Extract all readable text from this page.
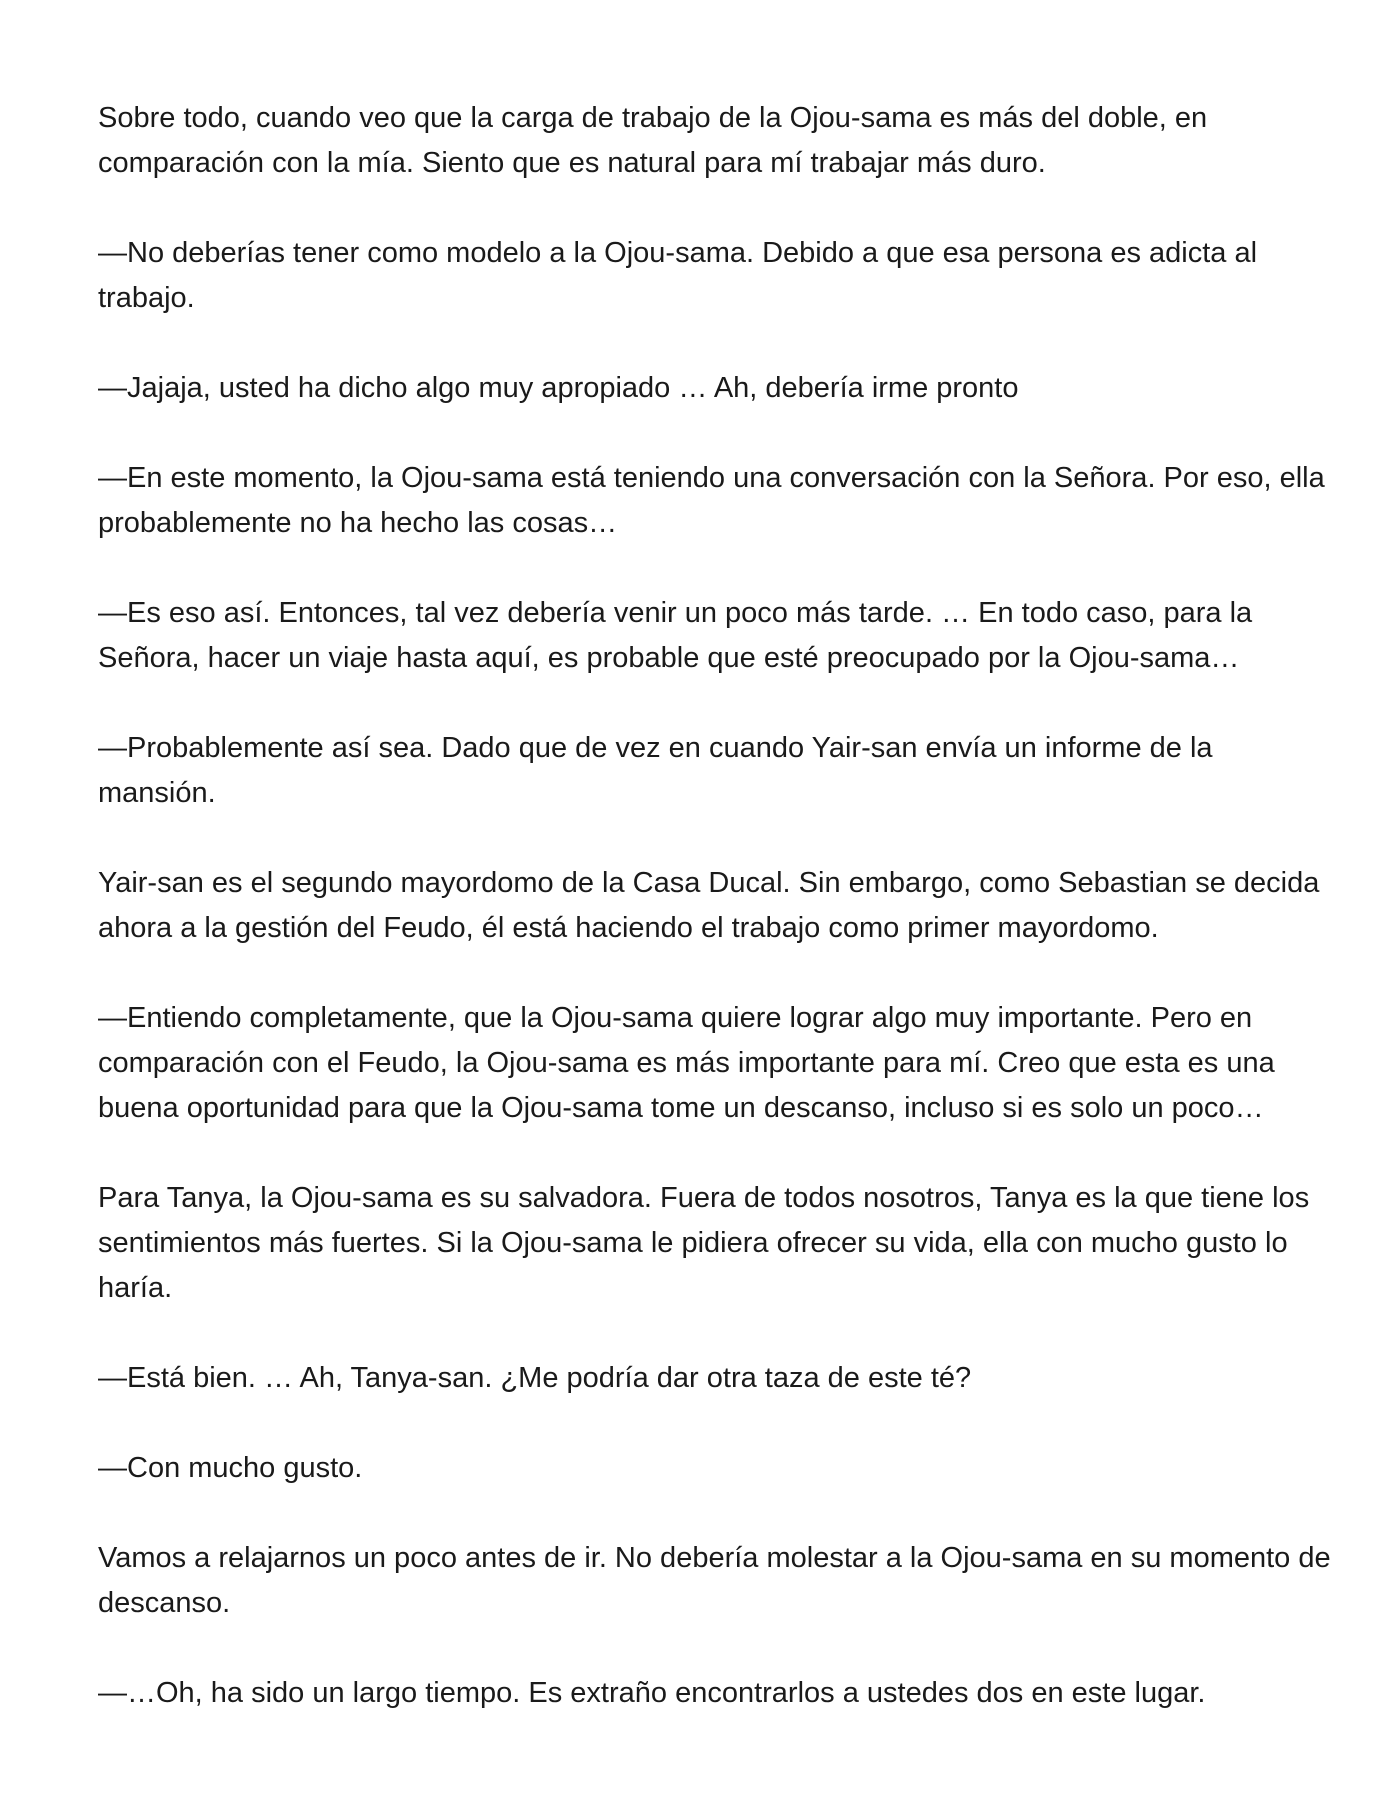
Sobre todo, cuando veo que la carga de trabajo de la Ojou-sama es más del doble, en comparación con la mía. Siento que es natural para mí trabajar más duro.

—No deberías tener como modelo a la Ojou-sama. Debido a que esa persona es adicta al trabajo.

—Jajaja, usted ha dicho algo muy apropiado … Ah, debería irme pronto

—En este momento, la Ojou-sama está teniendo una conversación con la Señora. Por eso, ella probablemente no ha hecho las cosas…

—Es eso así. Entonces, tal vez debería venir un poco más tarde. … En todo caso, para la Señora, hacer un viaje hasta aquí, es probable que esté preocupado por la Ojou-sama…

—Probablemente así sea. Dado que de vez en cuando Yair-san envía un informe de la mansión.

Yair-san es el segundo mayordomo de la Casa Ducal. Sin embargo, como Sebastian se decida ahora a la gestión del Feudo, él está haciendo el trabajo como primer mayordomo.

—Entiendo completamente, que la Ojou-sama quiere lograr algo muy importante. Pero en comparación con el Feudo, la Ojou-sama es más importante para mí. Creo que esta es una buena oportunidad para que la Ojou-sama tome un descanso, incluso si es solo un poco…

Para Tanya, la Ojou-sama es su salvadora. Fuera de todos nosotros, Tanya es la que tiene los sentimientos más fuertes. Si la Ojou-sama le pidiera ofrecer su vida, ella con mucho gusto lo haría.

—Está bien. … Ah, Tanya-san. ¿Me podría dar otra taza de este té?

—Con mucho gusto.

Vamos a relajarnos un poco antes de ir. No debería molestar a la Ojou-sama en su momento de descanso.

—…Oh, ha sido un largo tiempo. Es extraño encontrarlos a ustedes dos en este lugar.
